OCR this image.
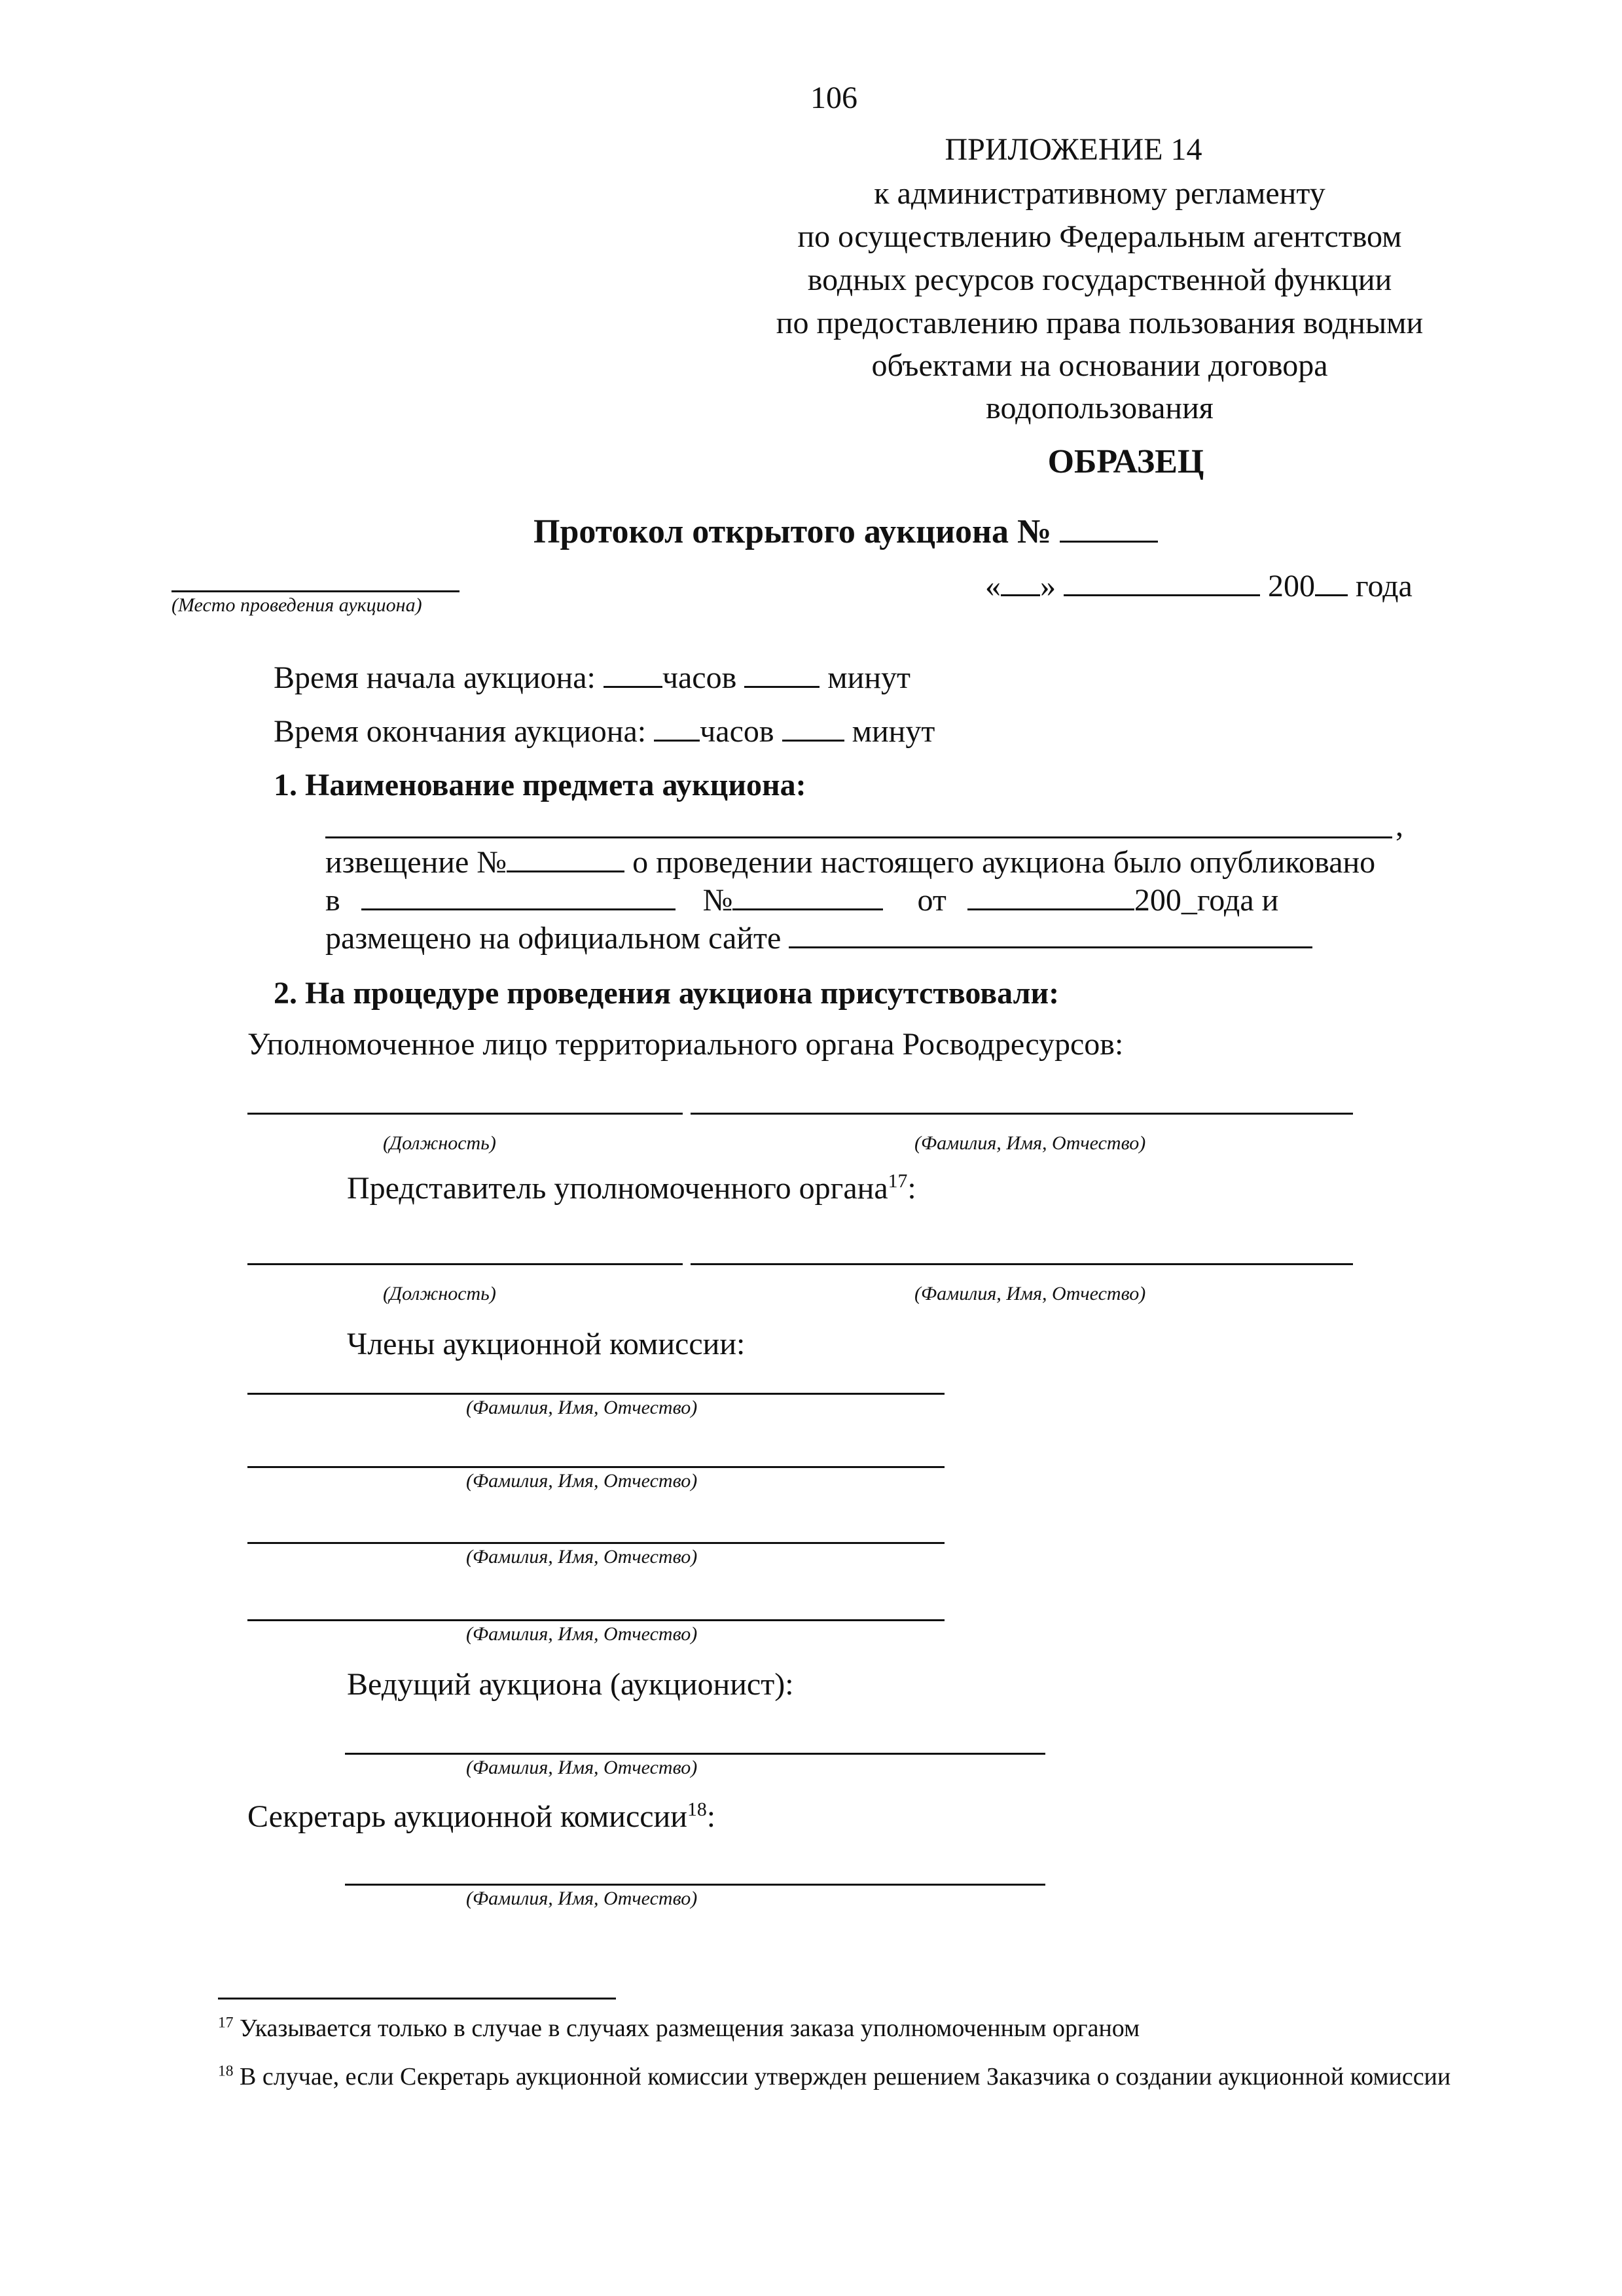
106
ПРИЛОЖЕНИЕ 14
к административному регламенту
по осуществлению Федеральным агентством
водных ресурсов государственной функции
по предоставлению права пользования водными
объектами на основании договора
водопользования
ОБРАЗЕЦ
Протокол открытого аукциона №
(Место проведения аукциона)
« »	200 года
Время начала аукциона: часов	минут
Время окончания аукциона: часов минут
1. Наименование предмета аукциона:
,
извещение №	о проведении настоящего аукциона было опубликовано
в	№	от	200_года и
размещено на официальном сайте
2. На процедуре проведения аукциона присутствовали:
Уполномоченное лицо территориального органа Росводресурсов:
(Должность)	(Фамилия, Имя, Отчество)
Представитель уполномоченного органа$^{17}$:
(Должность)	(Фамилия, Имя, Отчество)
Члены аукционной комиссии:
(Фамилия, Имя, Отчество)
(Фамилия, Имя, Отчество)
(Фамилия, Имя, Отчество)
(Фамилия, Имя, Отчество)
Ведущий аукциона (аукционист):
(Фамилия, Имя, Отчество)
Секретарь аукционной комиссии$^{18}$:
(Фамилия, Имя, Отчество)
$^{17}$ Указывается только в случае в случаях размещения заказа уполномоченным органом
$^{18}$ В случае, если Секретарь аукционной комиссии утвержден решением Заказчика о создании аукционной комиссии
